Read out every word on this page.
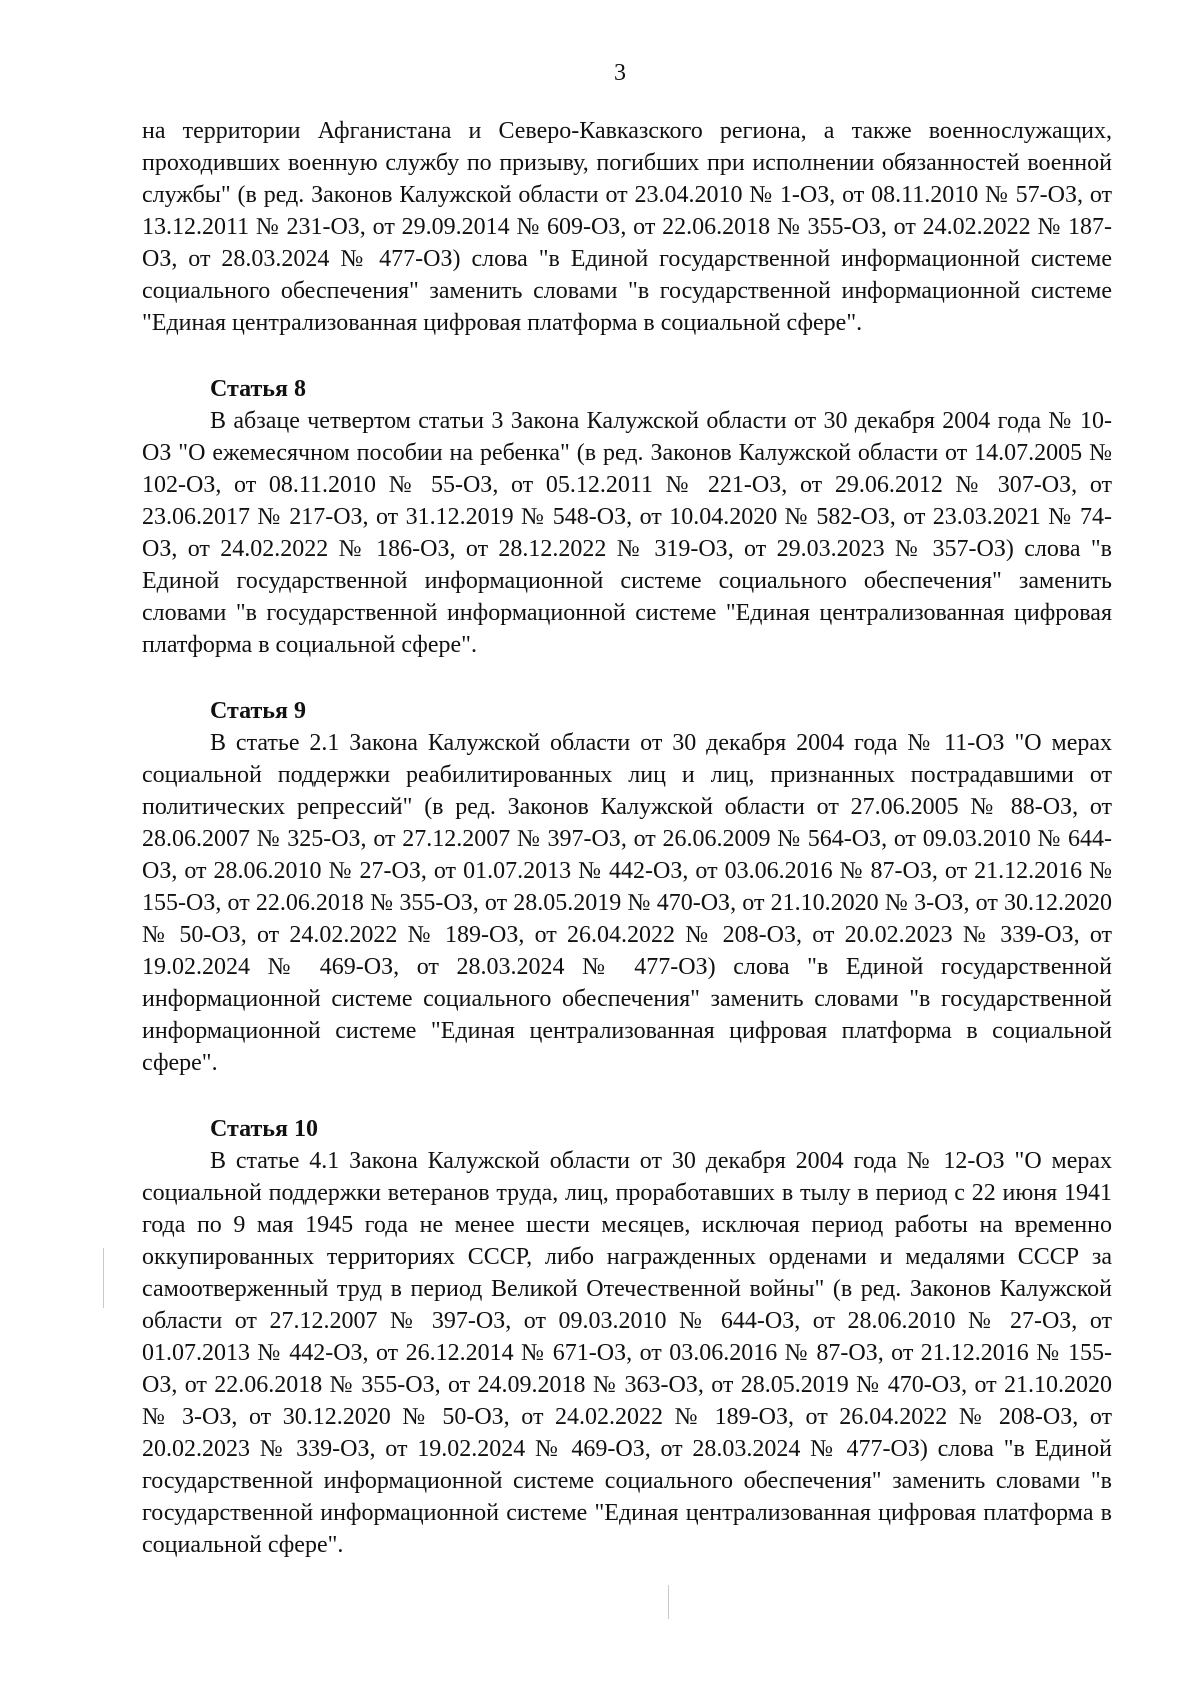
3

на территории Афганистана и Северо-Кавказского региона, а также военнослужащих, проходивших военную службу по призыву, погибших при исполнении обязанностей военной службы" (в ред. Законов Калужской области от 23.04.2010 № 1-ОЗ, от 08.11.2010 № 57-ОЗ, от 13.12.2011 № 231-ОЗ, от 29.09.2014 № 609-ОЗ, от 22.06.2018 № 355-ОЗ, от 24.02.2022 № 187-ОЗ, от 28.03.2024 № 477-ОЗ) слова "в Единой государственной информационной системе социального обеспечения" заменить словами "в государственной информационной системе "Единая централизованная цифровая платформа в социальной сфере".

Статья 8

В абзаце четвертом статьи 3 Закона Калужской области от 30 декабря 2004 года № 10-ОЗ "О ежемесячном пособии на ребенка" (в ред. Законов Калужской области от 14.07.2005 № 102-ОЗ, от 08.11.2010 № 55-ОЗ, от 05.12.2011 № 221-ОЗ, от 29.06.2012 № 307-ОЗ, от 23.06.2017 № 217-ОЗ, от 31.12.2019 № 548-ОЗ, от 10.04.2020 № 582-ОЗ, от 23.03.2021 № 74-ОЗ, от 24.02.2022 № 186-ОЗ, от 28.12.2022 № 319-ОЗ, от 29.03.2023 № 357-ОЗ) слова "в Единой государственной информационной системе социального обеспечения" заменить словами "в государственной информационной системе "Единая централизованная цифровая платформа в социальной сфере".

Статья 9

В статье 2.1 Закона Калужской области от 30 декабря 2004 года № 11-ОЗ "О мерах социальной поддержки реабилитированных лиц и лиц, признанных пострадавшими от политических репрессий" (в ред. Законов Калужской области от 27.06.2005 № 88-ОЗ, от 28.06.2007 № 325-ОЗ, от 27.12.2007 № 397-ОЗ, от 26.06.2009 № 564-ОЗ, от 09.03.2010 № 644-ОЗ, от 28.06.2010 № 27-ОЗ, от 01.07.2013 № 442-ОЗ, от 03.06.2016 № 87-ОЗ, от 21.12.2016 № 155-ОЗ, от 22.06.2018 № 355-ОЗ, от 28.05.2019 № 470-ОЗ, от 21.10.2020 № 3-ОЗ, от 30.12.2020 № 50-ОЗ, от 24.02.2022 № 189-ОЗ, от 26.04.2022 № 208-ОЗ, от 20.02.2023 № 339-ОЗ, от 19.02.2024 № 469-ОЗ, от 28.03.2024 № 477-ОЗ) слова "в Единой государственной информационной системе социального обеспечения" заменить словами "в государственной информационной системе "Единая централизованная цифровая платформа в социальной сфере".

Статья 10

В статье 4.1 Закона Калужской области от 30 декабря 2004 года № 12-ОЗ "О мерах социальной поддержки ветеранов труда, лиц, проработавших в тылу в период с 22 июня 1941 года по 9 мая 1945 года не менее шести месяцев, исключая период работы на временно оккупированных территориях СССР, либо награжденных орденами и медалями СССР за самоотверженный труд в период Великой Отечественной войны" (в ред. Законов Калужской области от 27.12.2007 № 397-ОЗ, от 09.03.2010 № 644-ОЗ, от 28.06.2010 № 27-ОЗ, от 01.07.2013 № 442-ОЗ, от 26.12.2014 № 671-ОЗ, от 03.06.2016 № 87-ОЗ, от 21.12.2016 № 155-ОЗ, от 22.06.2018 № 355-ОЗ, от 24.09.2018 № 363-ОЗ, от 28.05.2019 № 470-ОЗ, от 21.10.2020 № 3-ОЗ, от 30.12.2020 № 50-ОЗ, от 24.02.2022 № 189-ОЗ, от 26.04.2022 № 208-ОЗ, от 20.02.2023 № 339-ОЗ, от 19.02.2024 № 469-ОЗ, от 28.03.2024 № 477-ОЗ) слова "в Единой государственной информационной системе социального обеспечения" заменить словами "в государственной информационной системе "Единая централизованная цифровая платформа в социальной сфере".
